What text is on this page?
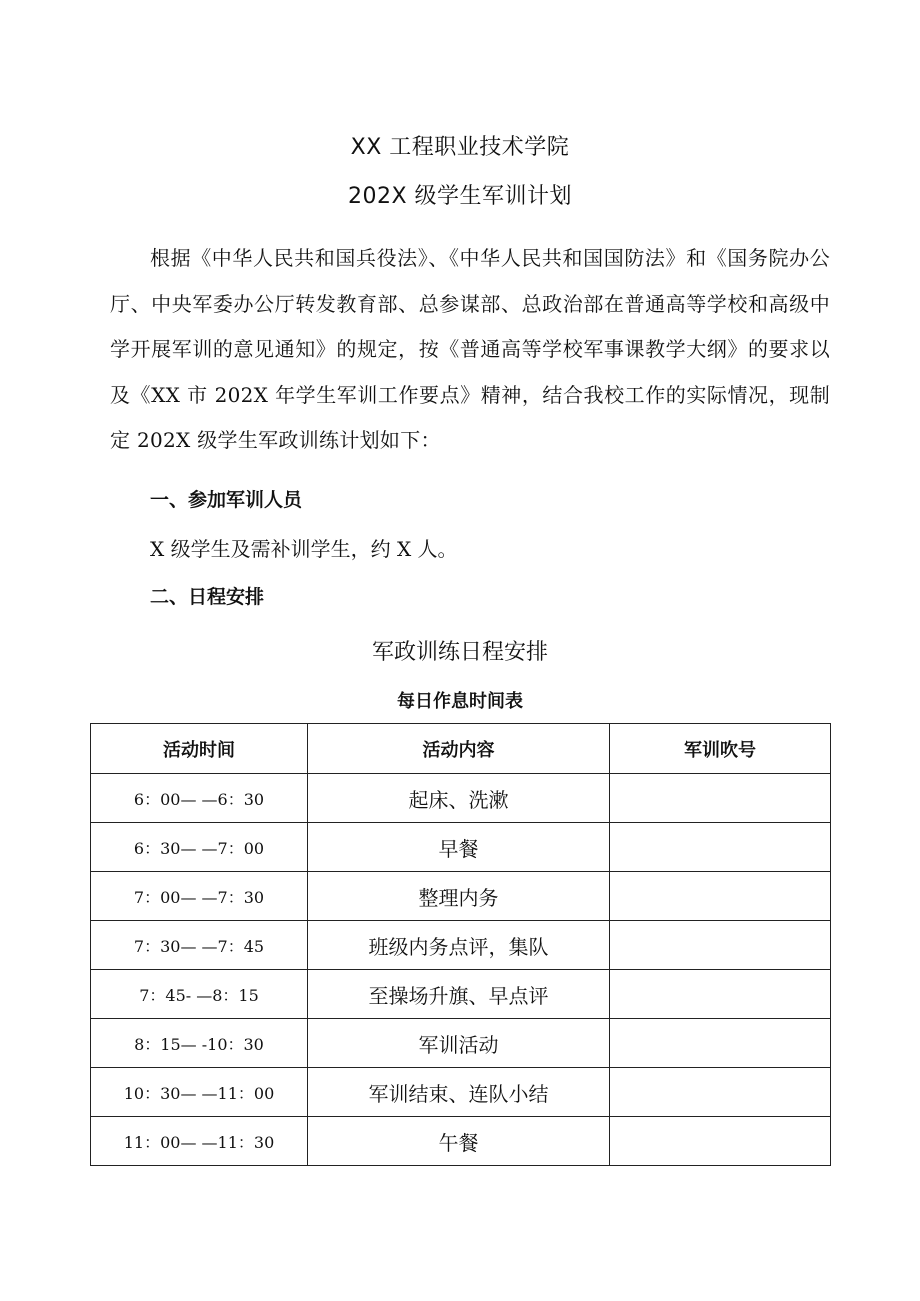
XX 工程职业技术学院
202X 级学生军训计划

根据《中华人民共和国兵役法》、《中华人民共和国国防法》和《国务院办公厅、中央军委办公厅转发教育部、总参谋部、总政治部在普通高等学校和高级中学开展军训的意见通知》的规定，按《普通高等学校军事课教学大纲》的要求以及《XX 市 202X 年学生军训工作要点》精神，结合我校工作的实际情况，现制定 202X 级学生军政训练计划如下：

一、参加军训人员
X 级学生及需补训学生，约 X 人。
二、日程安排
军政训练日程安排
每日作息时间表
活动时间	活动内容	军训吹号
6：00— —6：30	起床、洗漱	
6：30— —7：00	早餐	
7：00— —7：30	整理内务	
7：30— —7：45	班级内务点评，集队	
7：45- —8：15	至操场升旗、早点评	
8：15— -10：30	军训活动	
10：30— —11：00	军训结束、连队小结	
11：00— —11：30	午餐	
